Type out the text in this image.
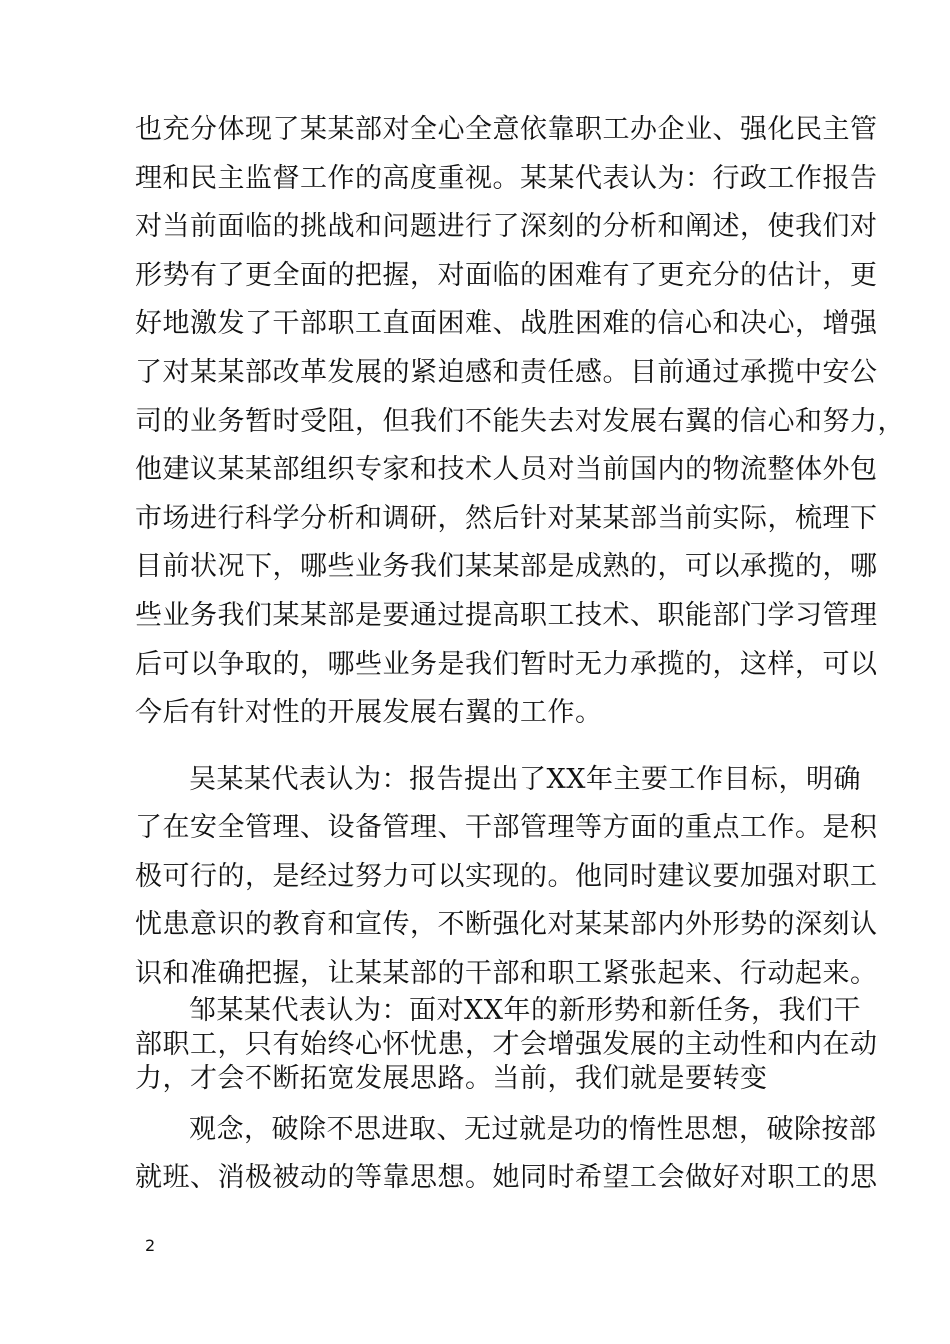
也充分体现了某某部对全心全意依靠职工办企业、强化民主管
理和民主监督工作的高度重视。某某代表认为：行政工作报告
对当前面临的挑战和问题进行了深刻的分析和阐述，使我们对
形势有了更全面的把握，对面临的困难有了更充分的估计，更
好地激发了干部职工直面困难、战胜困难的信心和决心，增强
了对某某部改革发展的紧迫感和责任感。目前通过承揽中安公
司的业务暂时受阻，但我们不能失去对发展右翼的信心和努力，
他建议某某部组织专家和技术人员对当前国内的物流整体外包
市场进行科学分析和调研，然后针对某某部当前实际，梳理下
目前状况下，哪些业务我们某某部是成熟的，可以承揽的，哪
些业务我们某某部是要通过提高职工技术、职能部门学习管理
后可以争取的，哪些业务是我们暂时无力承揽的，这样，可以
今后有针对性的开展发展右翼的工作。
吴某某代表认为：报告提出了XX年主要工作目标，明确
了在安全管理、设备管理、干部管理等方面的重点工作。是积
极可行的，是经过努力可以实现的。他同时建议要加强对职工
忧患意识的教育和宣传，不断强化对某某部内外形势的深刻认
识和准确把握，让某某部的干部和职工紧张起来、行动起来。
邹某某代表认为：面对XX年的新形势和新任务，我们干
部职工，只有始终心怀忧患，才会增强发展的主动性和内在动
力，才会不断拓宽发展思路。当前，我们就是要转变
观念，破除不思进取、无过就是功的惰性思想，破除按部
就班、消极被动的等靠思想。她同时希望工会做好对职工的思
2
